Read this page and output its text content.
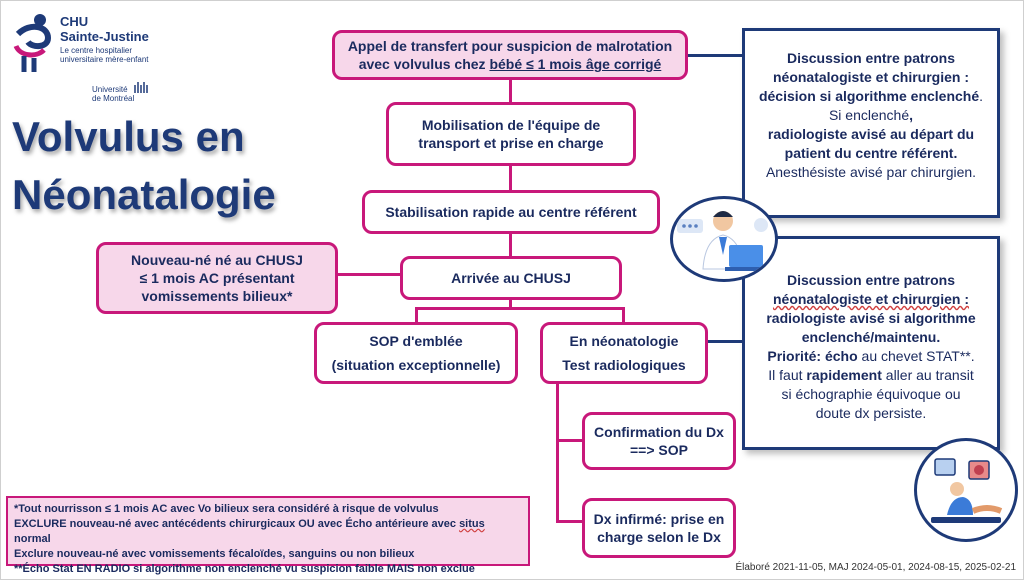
CHU
Sainte-Justine
Le centre hospitalier
universitaire mère-enfant
Université
de Montréal
Volvulus en
Néonatalogie
Appel de transfert pour suspicion de malrotation
avec volvulus chez bébé ≤ 1 mois âge corrigé
Mobilisation de l'équipe de
transport et prise en charge
Stabilisation rapide au centre référent
Nouveau-né né au CHUSJ
≤ 1 mois AC présentant
vomissements bilieux*
Arrivée au CHUSJ
SOP d'emblée
(situation exceptionnelle)
En néonatologie
Test radiologiques
Confirmation du Dx
==> SOP
Dx infirmé: prise en
charge selon le Dx
Discussion entre patrons
néonatalogiste et chirurgien :
décision si algorithme enclenché.
Si enclenché,
radiologiste avisé au départ du
patient du centre référent.
Anesthésiste avisé par chirurgien.
Discussion entre patrons
néonatalogiste et chirurgien :
radiologiste avisé si algorithme
enclenché/maintenu.
Priorité: écho au chevet STAT**.
Il faut rapidement aller au transit
si échographie équivoque ou
doute dx persiste.
*Tout nourrisson ≤ 1 mois AC avec Vo bilieux sera considéré à risque de volvulus
EXCLURE nouveau-né avec antécédents chirurgicaux OU avec Écho antérieure avec situs normal
Exclure nouveau-né avec vomissements fécaloïdes, sanguins ou non bilieux
**Écho Stat EN RADIO si algorithme non enclenché vu suspicion faible MAIS non exclue	Élaboré 2021-11-05, MAJ 2024-05-01, 2024-08-15, 2025-02-21
